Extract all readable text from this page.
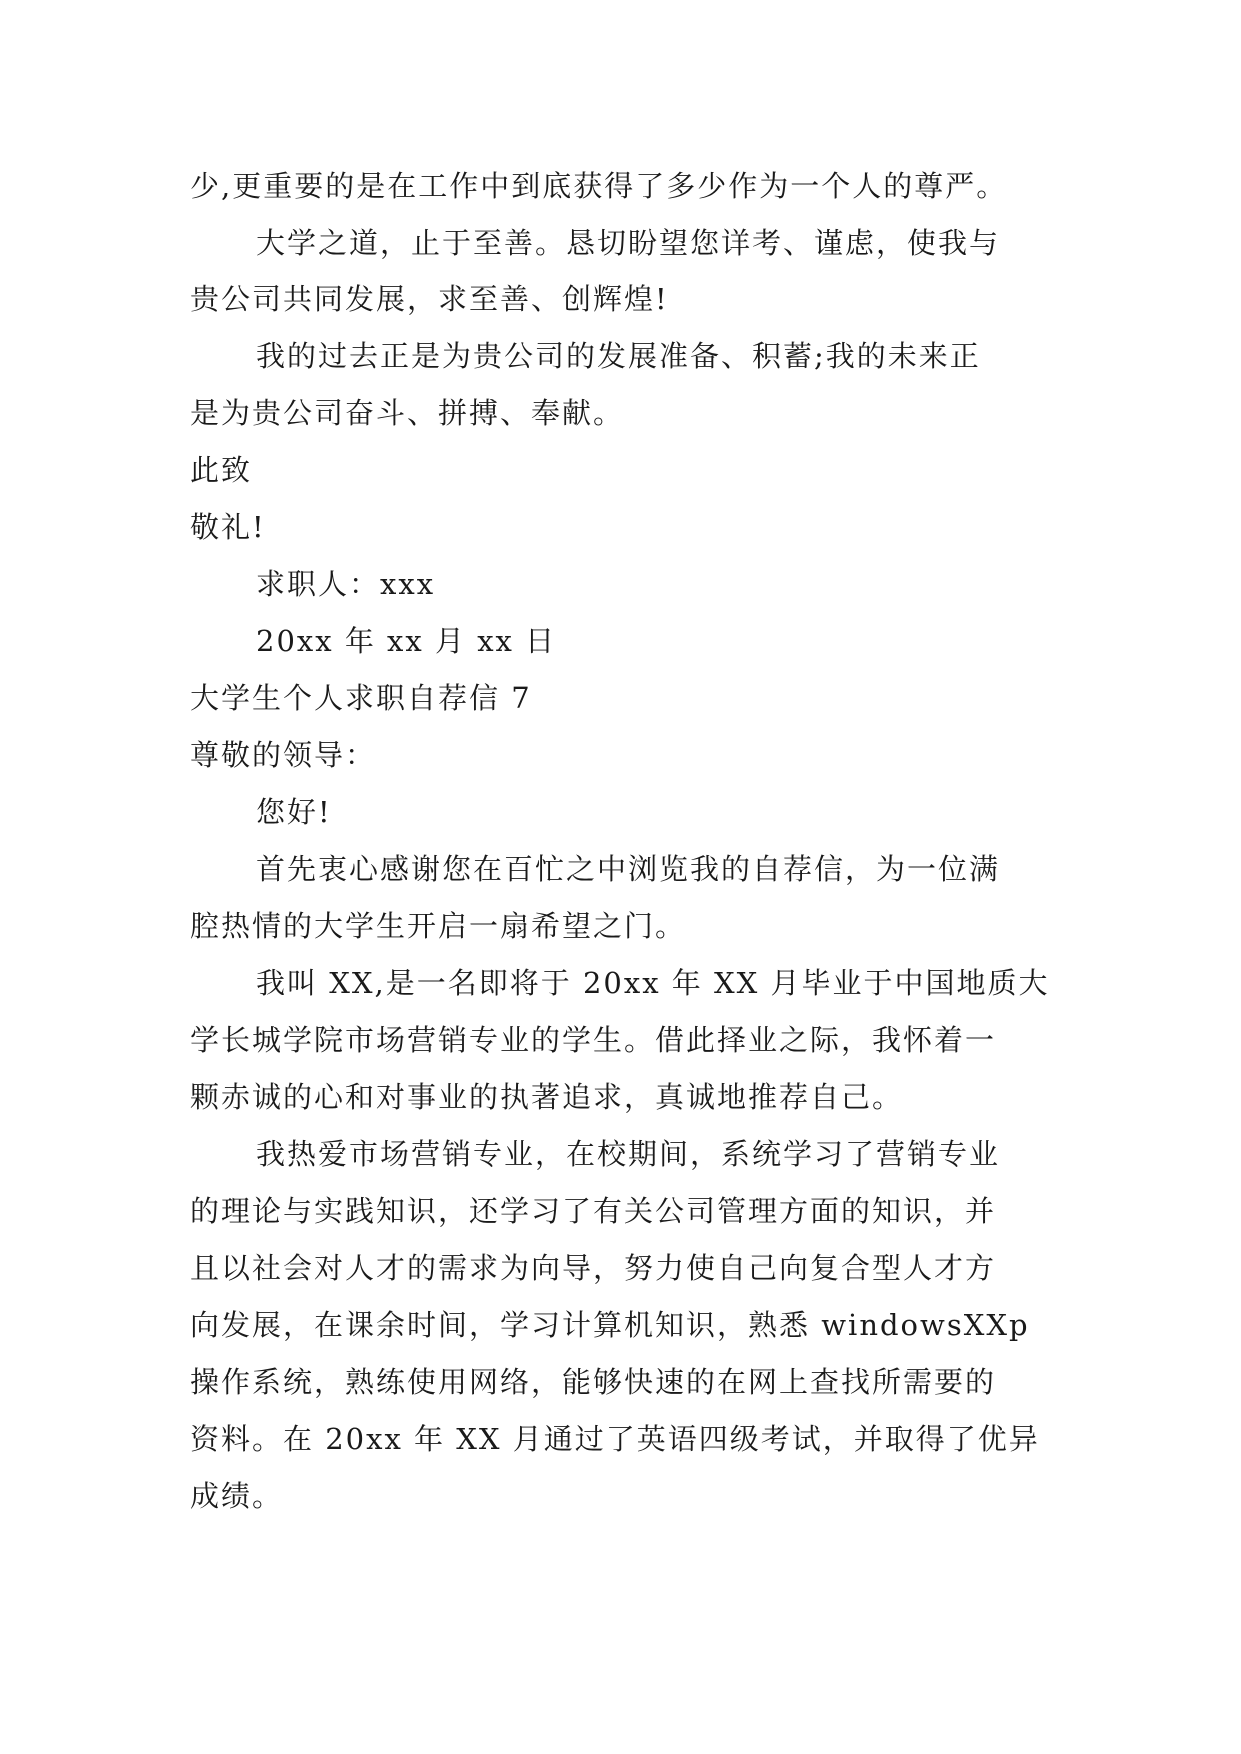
少,更重要的是在工作中到底获得了多少作为一个人的尊严。

大学之道，止于至善。恳切盼望您详考、谨虑，使我与

贵公司共同发展，求至善、创辉煌!

我的过去正是为贵公司的发展准备、积蓄;我的未来正

是为贵公司奋斗、拼搏、奉献。

此致

敬礼!

求职人：xxx

20xx 年 xx 月 xx 日

大学生个人求职自荐信 7

尊敬的领导：

您好!

首先衷心感谢您在百忙之中浏览我的自荐信，为一位满

腔热情的大学生开启一扇希望之门。

我叫 XX,是一名即将于 20xx 年 XX 月毕业于中国地质大

学长城学院市场营销专业的学生。借此择业之际，我怀着一

颗赤诚的心和对事业的执著追求，真诚地推荐自己。

我热爱市场营销专业，在校期间，系统学习了营销专业

的理论与实践知识，还学习了有关公司管理方面的知识，并

且以社会对人才的需求为向导，努力使自己向复合型人才方

向发展，在课余时间，学习计算机知识，熟悉 windowsXXp

操作系统，熟练使用网络，能够快速的在网上查找所需要的

资料。在 20xx 年 XX 月通过了英语四级考试，并取得了优异

成绩。
